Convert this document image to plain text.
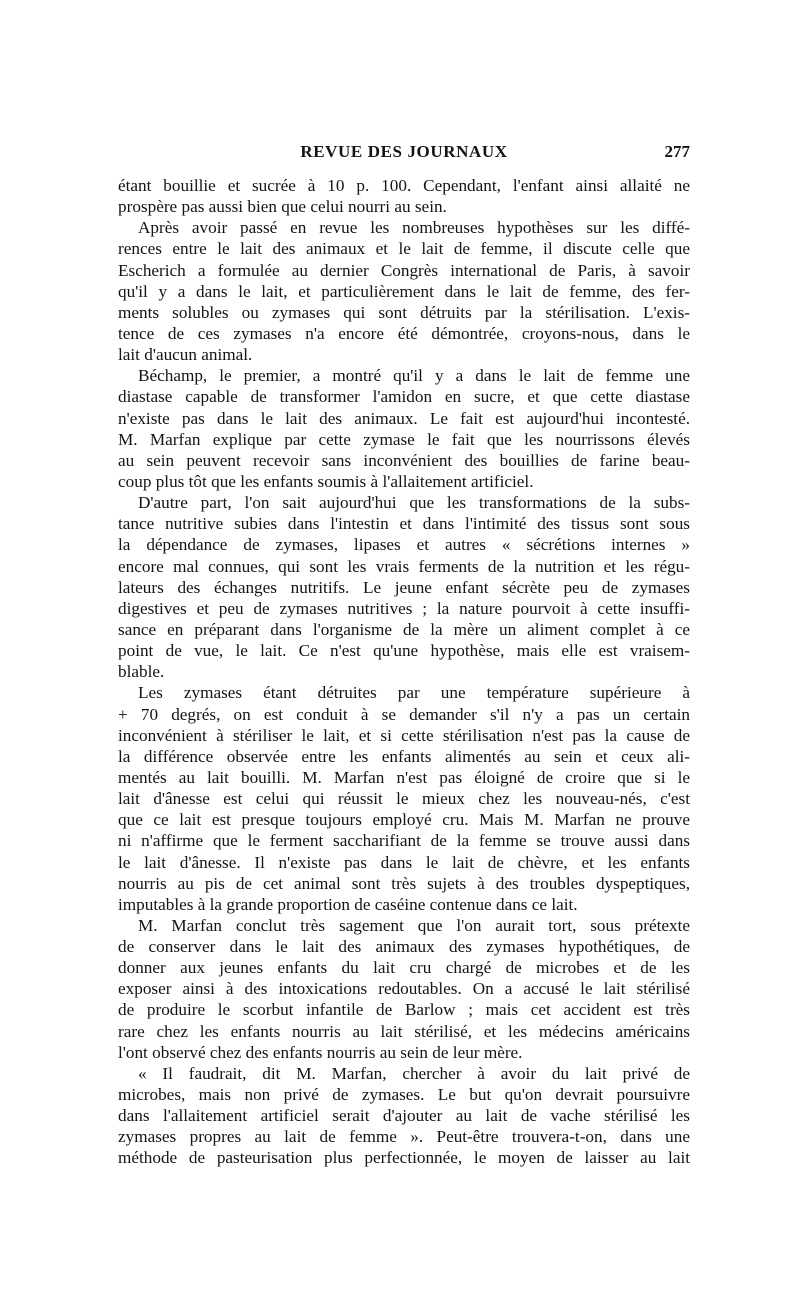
REVUE DES JOURNAUX	277
étant bouillie et sucrée à 10 p. 100. Cependant, l'enfant ainsi allaité ne
prospère pas aussi bien que celui nourri au sein.
Après avoir passé en revue les nombreuses hypothèses sur les diffé-
rences entre le lait des animaux et le lait de femme, il discute celle que
Escherich a formulée au dernier Congrès international de Paris, à savoir
qu'il y a dans le lait, et particulièrement dans le lait de femme, des fer-
ments solubles ou zymases qui sont détruits par la stérilisation. L'exis-
tence de ces zymases n'a encore été démontrée, croyons-nous, dans le
lait d'aucun animal.
Béchamp, le premier, a montré qu'il y a dans le lait de femme une
diastase capable de transformer l'amidon en sucre, et que cette diastase
n'existe pas dans le lait des animaux. Le fait est aujourd'hui incontesté.
M. Marfan explique par cette zymase le fait que les nourrissons élevés
au sein peuvent recevoir sans inconvénient des bouillies de farine beau-
coup plus tôt que les enfants soumis à l'allaitement artificiel.
D'autre part, l'on sait aujourd'hui que les transformations de la subs-
tance nutritive subies dans l'intestin et dans l'intimité des tissus sont sous
la dépendance de zymases, lipases et autres « sécrétions internes »
encore mal connues, qui sont les vrais ferments de la nutrition et les régu-
lateurs des échanges nutritifs. Le jeune enfant sécrète peu de zymases
digestives et peu de zymases nutritives ; la nature pourvoit à cette insuffi-
sance en préparant dans l'organisme de la mère un aliment complet à ce
point de vue, le lait. Ce n'est qu'une hypothèse, mais elle est vraisem-
blable.
Les zymases étant détruites par une température supérieure à
+ 70 degrés, on est conduit à se demander s'il n'y a pas un certain
inconvénient à stériliser le lait, et si cette stérilisation n'est pas la cause de
la différence observée entre les enfants alimentés au sein et ceux ali-
mentés au lait bouilli. M. Marfan n'est pas éloigné de croire que si le
lait d'ânesse est celui qui réussit le mieux chez les nouveau-nés, c'est
que ce lait est presque toujours employé cru. Mais M. Marfan ne prouve
ni n'affirme que le ferment saccharifiant de la femme se trouve aussi dans
le lait d'ânesse. Il n'existe pas dans le lait de chèvre, et les enfants
nourris au pis de cet animal sont très sujets à des troubles dyspeptiques,
imputables à la grande proportion de caséine contenue dans ce lait.
M. Marfan conclut très sagement que l'on aurait tort, sous prétexte
de conserver dans le lait des animaux des zymases hypothétiques, de
donner aux jeunes enfants du lait cru chargé de microbes et de les
exposer ainsi à des intoxications redoutables. On a accusé le lait stérilisé
de produire le scorbut infantile de Barlow ; mais cet accident est très
rare chez les enfants nourris au lait stérilisé, et les médecins américains
l'ont observé chez des enfants nourris au sein de leur mère.
« Il faudrait, dit M. Marfan, chercher à avoir du lait privé de
microbes, mais non privé de zymases. Le but qu'on devrait poursuivre
dans l'allaitement artificiel serait d'ajouter au lait de vache stérilisé les
zymases propres au lait de femme ». Peut-être trouvera-t-on, dans une
méthode de pasteurisation plus perfectionnée, le moyen de laisser au lait
